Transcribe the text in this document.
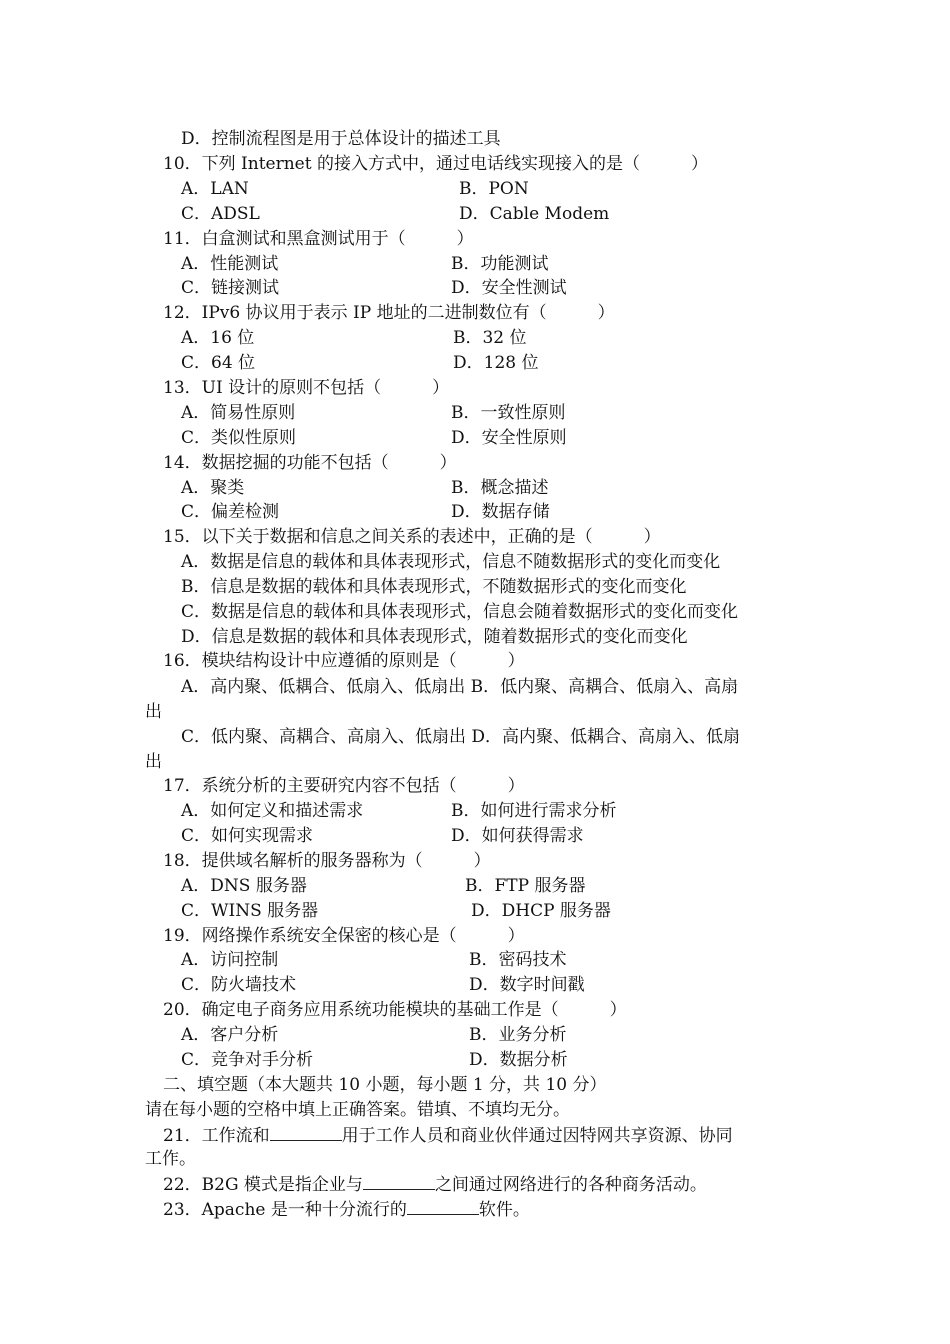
D．控制流程图是用于总体设计的描述工具
10．下列 Internet 的接入方式中，通过电话线实现接入的是（　　　）
A．LAN	B．PON
C．ADSL	D．Cable Modem
11．白盒测试和黑盒测试用于（　　　）
A．性能测试	B．功能测试
C．链接测试	D．安全性测试
12．IPv6 协议用于表示 IP 地址的二进制数位有（　　　）
A．16 位	B．32 位
C．64 位	D．128 位
13．UI 设计的原则不包括（　　　）
A．简易性原则	B．一致性原则
C．类似性原则	D．安全性原则
14．数据挖掘的功能不包括（　　　）
A．聚类	B．概念描述
C．偏差检测	D．数据存储
15．以下关于数据和信息之间关系的表述中，正确的是（　　　）
A．数据是信息的载体和具体表现形式，信息不随数据形式的变化而变化
B．信息是数据的载体和具体表现形式，不随数据形式的变化而变化
C．数据是信息的载体和具体表现形式，信息会随着数据形式的变化而变化
D．信息是数据的载体和具体表现形式，随着数据形式的变化而变化
16．模块结构设计中应遵循的原则是（　　　）
A．高内聚、低耦合、低扇入、低扇出 B．低内聚、高耦合、低扇入、高扇
出
C．低内聚、高耦合、高扇入、低扇出 D．高内聚、低耦合、高扇入、低扇
出
17．系统分析的主要研究内容不包括（　　　）
A．如何定义和描述需求	B．如何进行需求分析
C．如何实现需求	D．如何获得需求
18．提供域名解析的服务器称为（　　　）
A．DNS 服务器	B．FTP 服务器
C．WINS 服务器	D．DHCP 服务器
19．网络操作系统安全保密的核心是（　　　）
A．访问控制	B．密码技术
C．防火墙技术	D．数字时间戳
20．确定电子商务应用系统功能模块的基础工作是（　　　）
A．客户分析	B．业务分析
C．竞争对手分析	D．数据分析
二、填空题（本大题共 10 小题，每小题 1 分，共 10 分）
请在每小题的空格中填上正确答案。错填、不填均无分。
21．工作流和	用于工作人员和商业伙伴通过因特网共享资源、协同
工作。
22．B2G 模式是指企业与	之间通过网络进行的各种商务活动。
23．Apache 是一种十分流行的	软件。
